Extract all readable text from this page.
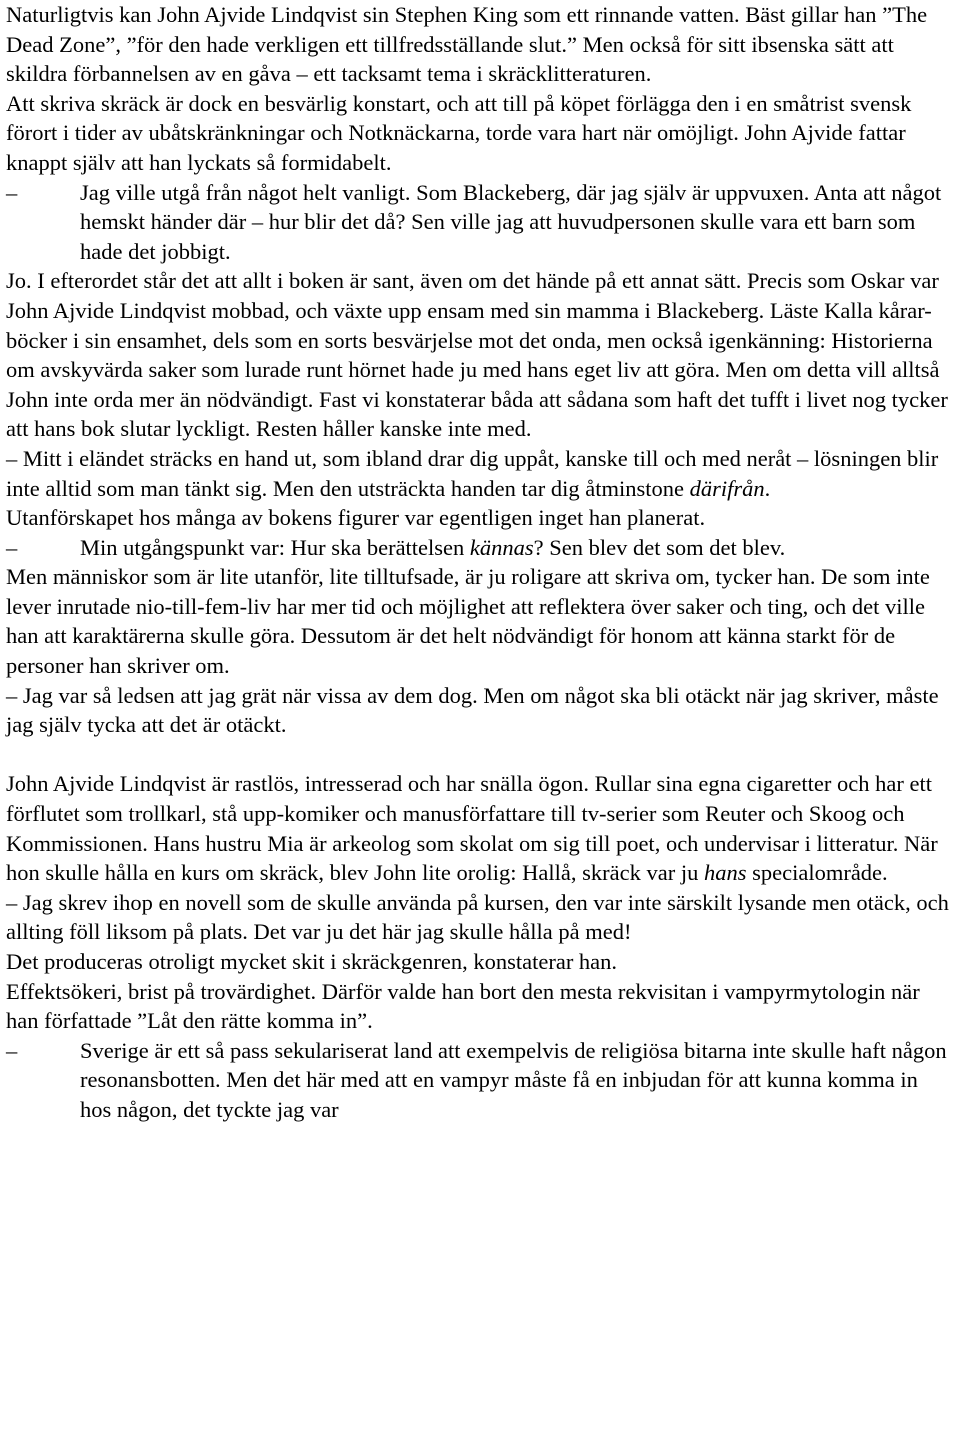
Naturligtvis kan John Ajvide Lindqvist sin Stephen King som ett rinnande vatten. Bäst gillar han ”The Dead Zone”, ”för den hade verkligen ett tillfredsställande slut.” Men också för sitt ibsenska sätt att skildra förbannelsen av en gåva – ett tacksamt tema i skräcklitteraturen.

Att skriva skräck är dock en besvärlig konstart, och att till på köpet förlägga den i en småtrist svensk förort i tider av ubåtskränkningar och Notknäckarna, torde vara hart när omöjligt. John Ajvide fattar knappt själv att han lyckats så formidabelt.

–	Jag ville utgå från något helt vanligt. Som Blackeberg, där jag själv är uppvuxen. Anta att något hemskt händer där – hur blir det då? Sen ville jag att huvudpersonen skulle vara ett barn som hade det jobbigt.

Jo. I efterordet står det att allt i boken är sant, även om det hände på ett annat sätt. Precis som Oskar var John Ajvide Lindqvist mobbad, och växte upp ensam med sin mamma i Blackeberg. Läste Kalla kårar-böcker i sin ensamhet, dels som en sorts besvärjelse mot det onda, men också igenkänning: Historierna om avskyvärda saker som lurade runt hörnet hade ju med hans eget liv att göra. Men om detta vill alltså John inte orda mer än nödvändigt. Fast vi konstaterar båda att sådana som haft det tufft i livet nog tycker att hans bok slutar lyckligt. Resten håller kanske inte med.

– Mitt i eländet sträcks en hand ut, som ibland drar dig uppåt, kanske till och med neråt – lösningen blir inte alltid som man tänkt sig. Men den utsträckta handen tar dig åtminstone därifrån.

Utanförskapet hos många av bokens figurer var egentligen inget han planerat.

–	Min utgångspunkt var: Hur ska berättelsen kännas? Sen blev det som det blev.

Men människor som är lite utanför, lite tilltufsade, är ju roligare att skriva om, tycker han. De som inte lever inrutade nio-till-fem-liv har mer tid och möjlighet att reflektera över saker och ting, och det ville han att karaktärerna skulle göra. Dessutom är det helt nödvändigt för honom att känna starkt för de personer han skriver om.

– Jag var så ledsen att jag grät när vissa av dem dog. Men om något ska bli otäckt när jag skriver, måste jag själv tycka att det är otäckt.

John Ajvide Lindqvist är rastlös, intresserad och har snälla ögon. Rullar sina egna cigaretter och har ett förflutet som trollkarl, stå upp-komiker och manusförfattare till tv-serier som Reuter och Skoog och Kommissionen. Hans hustru Mia är arkeolog som skolat om sig till poet, och undervisar i litteratur. När hon skulle hålla en kurs om skräck, blev John lite orolig: Hallå, skräck var ju hans specialområde.

– Jag skrev ihop en novell som de skulle använda på kursen, den var inte särskilt lysande men otäck, och allting föll liksom på plats. Det var ju det här jag skulle hålla på med!

Det produceras otroligt mycket skit i skräckgenren, konstaterar han.

Effektsökeri, brist på trovärdighet. Därför valde han bort den mesta rekvisitan i vampyrmytologin när han författade ”Låt den rätte komma in”.

–	Sverige är ett så pass sekulariserat land att exempelvis de religiösa bitarna inte skulle haft någon resonansbotten. Men det här med att en vampyr måste få en inbjudan för att kunna komma in hos någon, det tyckte jag var
